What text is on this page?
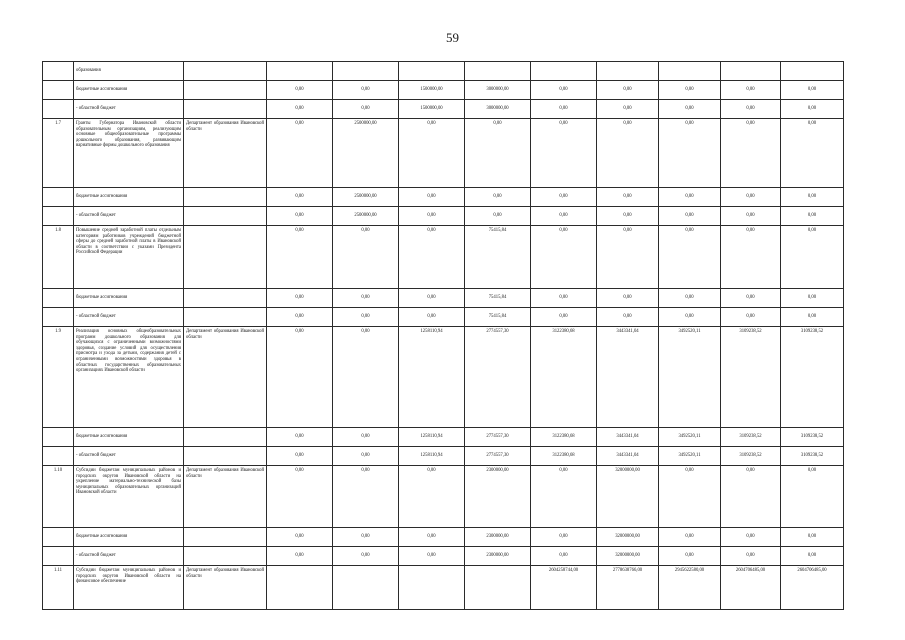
59
	образования										
	бюджетные ассигнования		0,00	0,00	1500000,00	3000000,00	0,00	0,00	0,00	0,00	0,00
	- областной бюджет		0,00	0,00	1500000,00	3000000,00	0,00	0,00	0,00	0,00	0,00
1.7	Гранты Губернатора Ивановской области образовательным организациям, реализующим основные общеобразовательные программы дошкольного образования, развивающим вариативные формы дошкольного образования	Департамент образования Ивановской области	0,00	2500000,00	0,00	0,00	0,00	0,00	0,00	0,00	0,00
	бюджетные ассигнования		0,00	2500000,00	0,00	0,00	0,00	0,00	0,00	0,00	0,00
	- областной бюджет		0,00	2500000,00	0,00	0,00	0,00	0,00	0,00	0,00	0,00
1.8	Повышение средней заработной платы отдельным категориям работников учреждений бюджетной сферы до средней заработной платы в Ивановской области в соответствии с указами Президента Российской Федерации		0,00	0,00	0,00	75415,84	0,00	0,00	0,00	0,00	0,00
	бюджетные ассигнования		0,00	0,00	0,00	75415,84	0,00	0,00	0,00	0,00	0,00
	- областной бюджет		0,00	0,00	0,00	75415,84	0,00	0,00	0,00	0,00	0,00
1.9	Реализация основных общеобразовательных программ дошкольного образования для обучающихся с ограниченными возможностями здоровья, создание условий для осуществления присмотра и ухода за детьми, содержания детей с ограниченными возможностями здоровья в областных государственных образовательных организациях Ивановской области	Департамент образования Ивановской области	0,00	0,00	1258110,94	2774557,30	3122380,68	3443341,04	3492520,11	3109238,52	3109238,52
	бюджетные ассигнования		0,00	0,00	1258110,94	2774557,30	3122380,68	3443341,04	3492520,11	3109238,52	3109238,52
	- областной бюджет		0,00	0,00	1258110,94	2774557,30	3122380,68	3443341,04	3492520,11	3109238,52	3109238,52
1.10	Субсидии бюджетам муниципальных районов и городских округов Ивановской области на укрепление материально-технической базы муниципальных образовательных организаций Ивановской области	Департамент образования Ивановской области	0,00	0,00	0,00	2300000,00	0,00	32000000,00	0,00	0,00	0,00
	бюджетные ассигнования		0,00	0,00	0,00	2300000,00	0,00	32000000,00	0,00	0,00	0,00
	- областной бюджет		0,00	0,00	0,00	2300000,00	0,00	32000000,00	0,00	0,00	0,00
1.11	Субсидии бюджетам муниципальных районов и городских округов Ивановской области на финансовое обеспечение	Департамент образования Ивановской области					2604258744,00	2778638766,00	2945622580,00	2604706485,00	2604706485,00
